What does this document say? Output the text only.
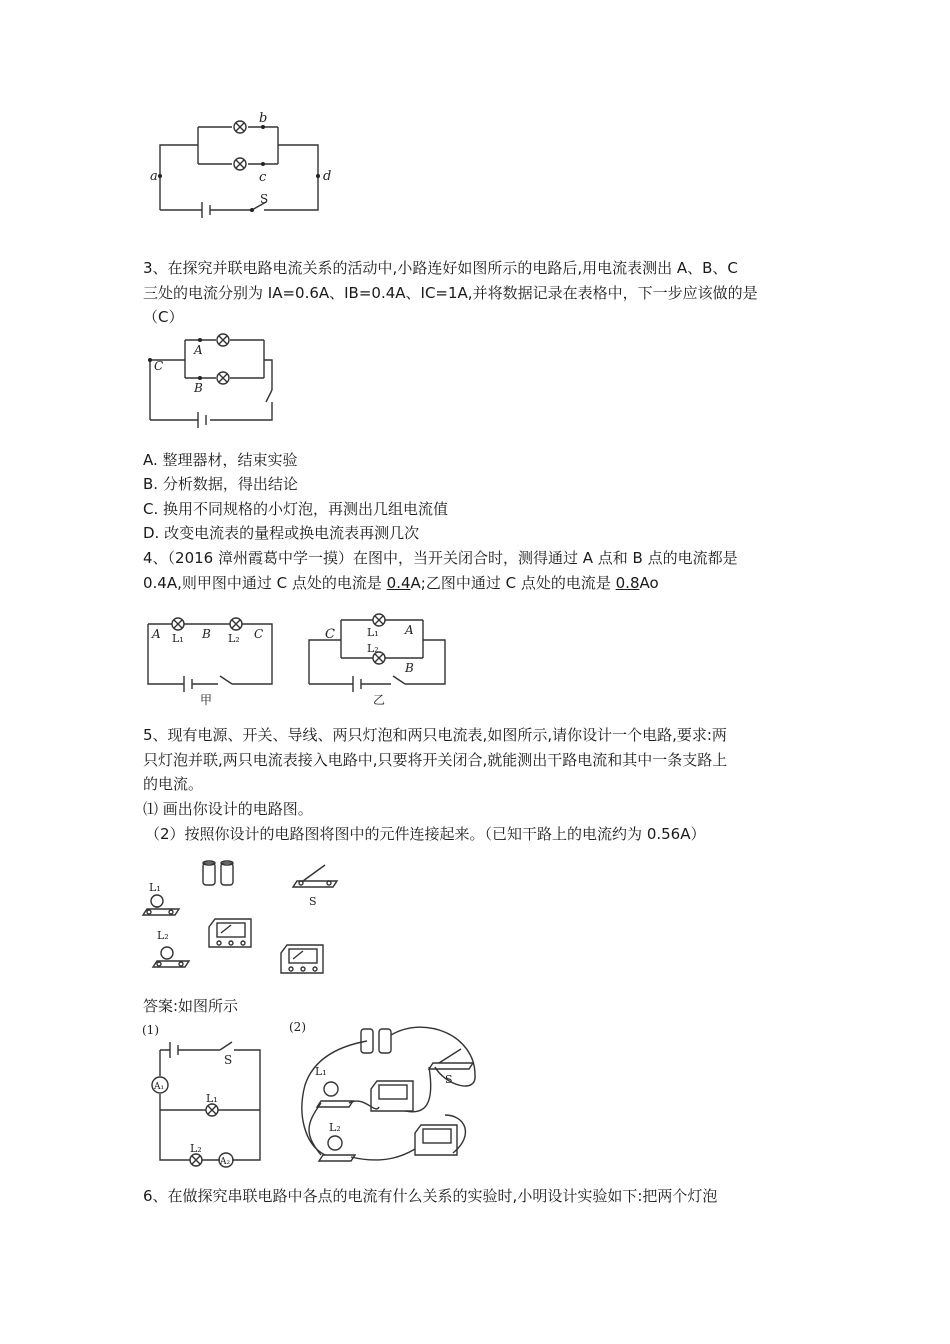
a
b
c	d
S
3、在探究并联电路电流关系的活动中,小路连好如图所示的电路后,用电流表测出 A、B、C
三处的电流分别为 IA=0.6A、IB=0.4A、IC=1A,并将数据记录在表格中，下一步应该做的是
（C）
A
B
C
A. 整理器材，结束实验
B. 分析数据，得出结论
C. 换用不同规格的小灯泡，再测出几组电流值
D. 改变电流表的量程或换电流表再测几次
4、（2016 漳州霞葛中学一摸）在图中，当开关闭合时，测得通过 A 点和 B 点的电流都是
0.4A,则甲图中通过 C 点处的电流是 0.4A;乙图中通过 C 点处的电流是 0.8Ao
A L₁ B L₂ C
甲
C	L₁ A
L₂
B
乙
5、现有电源、开关、导线、两只灯泡和两只电流表,如图所示,请你设计一个电路,要求:两
只灯泡并联,两只电流表接入电路中,只要将开关闭合,就能测出干路电流和其中一条支路上
的电流。
⑴ 画出你设计的电路图。
（2）按照你设计的电路图将图中的元件连接起来。（已知干路上的电流约为 0.56A）
L₁
L₂
S
答案:如图所示
(1)
S
A₁
L₁
L₂
A₂
(2)
L₁
L₂
S
6、在做探究串联电路中各点的电流有什么关系的实验时,小明设计实验如下:把两个灯泡
